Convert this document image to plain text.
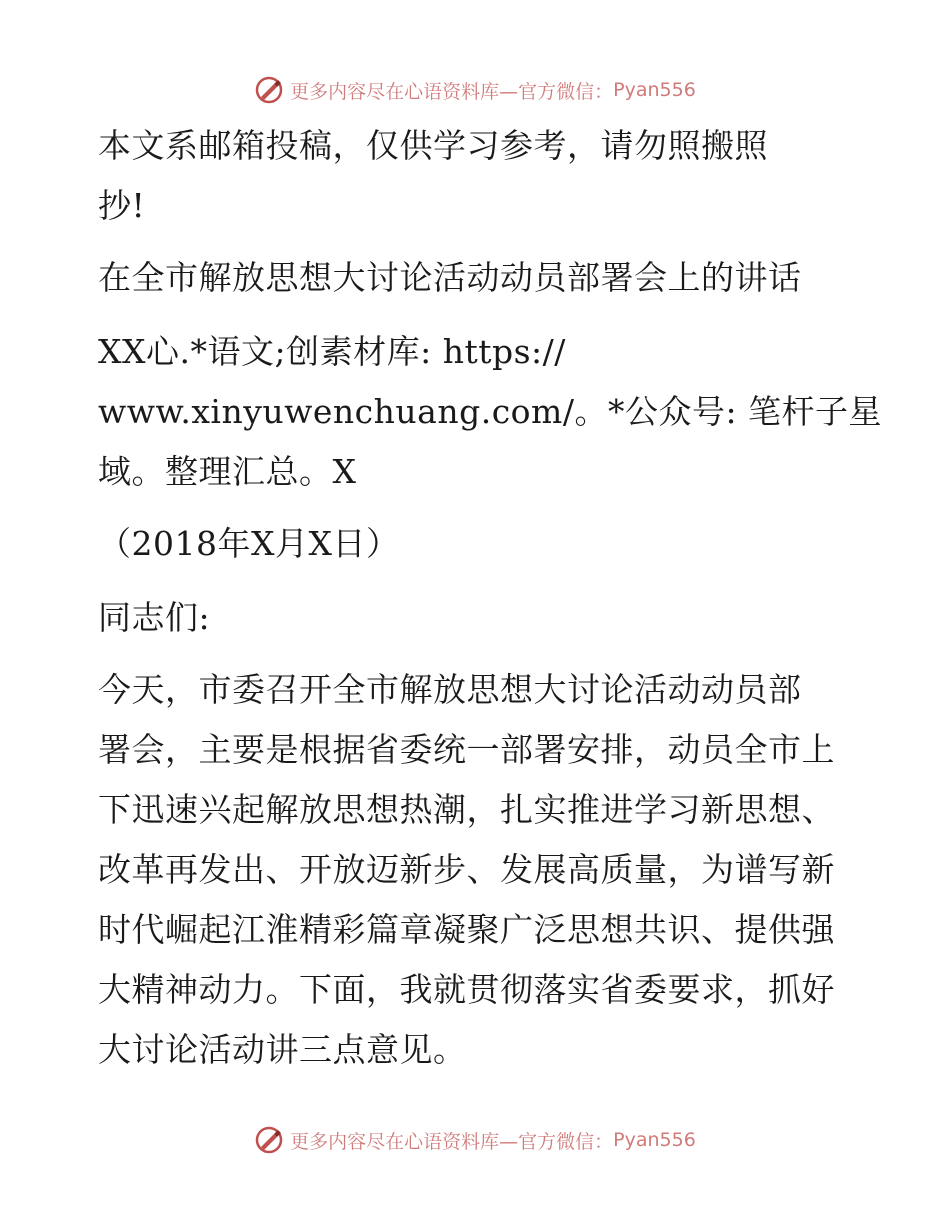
更多内容尽在心语资料库—官方微信： Pyan556
本文系邮箱投稿，仅供学习参考，请勿照搬照
抄!
在全市解放思想大讨论活动动员部署会上的讲话
XX心.*语文;创素材库: https://
www.xinyuwenchuang.com/。*公众号: 笔杆子星
域。整理汇总。X
（2018年X月X日）
同志们:
今天，市委召开全市解放思想大讨论活动动员部
署会，主要是根据省委统一部署安排，动员全市上
下迅速兴起解放思想热潮，扎实推进学习新思想、
改革再发出、开放迈新步、发展高质量，为谱写新
时代崛起江淮精彩篇章凝聚广泛思想共识、提供强
大精神动力。下面，我就贯彻落实省委要求，抓好
大讨论活动讲三点意见。
更多内容尽在心语资料库—官方微信： Pyan556
